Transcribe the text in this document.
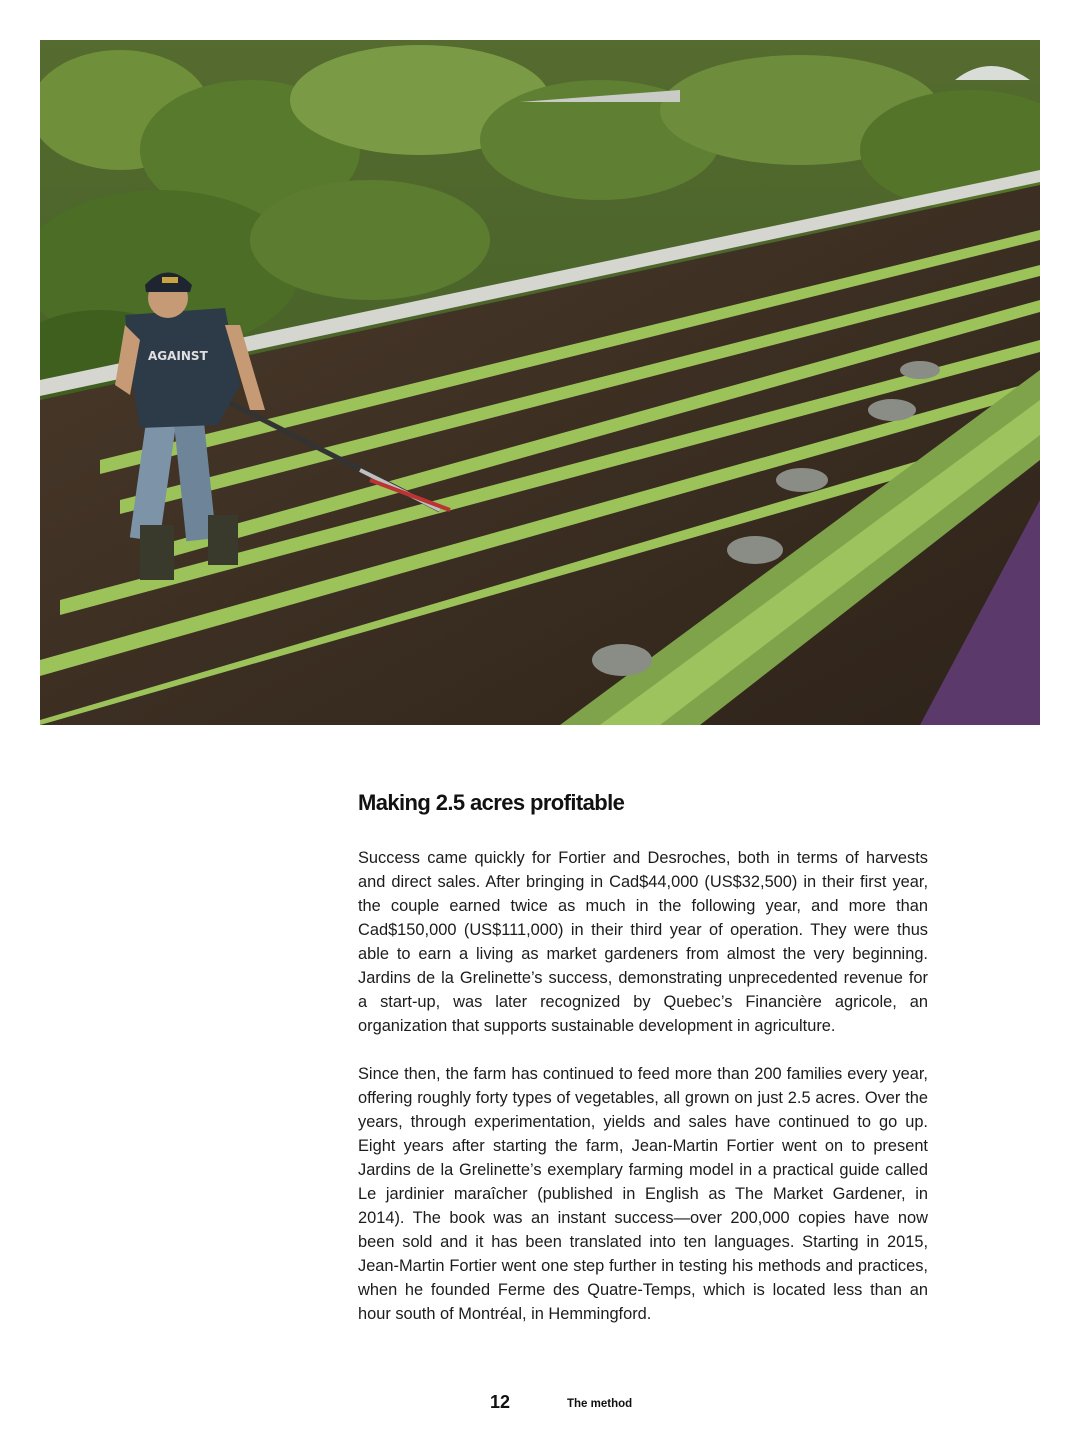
AGAINST
Making 2.5 acres profitable

Success came quickly for Fortier and Desroches, both in terms of harvests and direct sales. After bringing in Cad$44,000 (US$32,500) in their first year, the couple earned twice as much in the following year, and more than Cad$150,000 (US$111,000) in their third year of operation. They were thus able to earn a living as market gardeners from almost the very beginning. Jardins de la Grelinette’s success, demonstrating unprecedented revenue for a start-up, was later recognized by Quebec’s Financière agricole, an organization that supports sustainable development in agriculture.

Since then, the farm has continued to feed more than 200 families every year, offering roughly forty types of vegetables, all grown on just 2.5 acres. Over the years, through experimentation, yields and sales have continued to go up. Eight years after starting the farm, Jean-Martin Fortier went on to present Jardins de la Grelinette’s exemplary farming model in a practical guide called Le jardinier maraîcher (published in English as The Market Gardener, in 2014). The book was an instant success—over 200,000 copies have now been sold and it has been translated into ten languages. Starting in 2015, Jean-Martin Fortier went one step further in testing his methods and practices, when he founded Ferme des Quatre-Temps, which is located less than an hour south of Montréal, in Hemmingford.

12	The method
